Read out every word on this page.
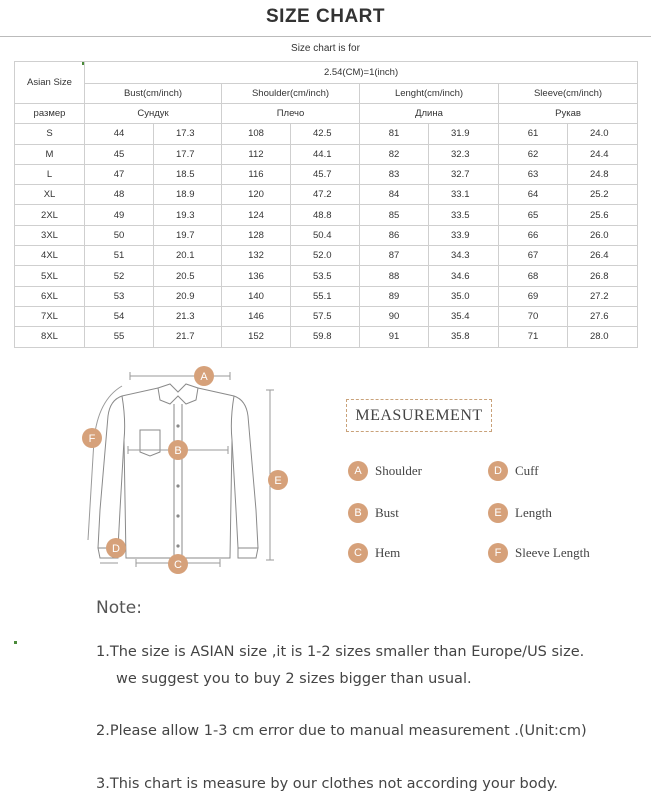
SIZE CHART
Size chart is for
Asian Size	2.54(CM)=1(inch)							
	Bust(cm/inch)		Shoulder(cm/inch)		Lenght(cm/inch)		Sleeve(cm/inch)	
размер	Сундук		Плечо		Длина		Рукав	
S	44	17.3	108	42.5	81	31.9	61	24.0
M	45	17.7	112	44.1	82	32.3	62	24.4
L	47	18.5	116	45.7	83	32.7	63	24.8
XL	48	18.9	120	47.2	84	33.1	64	25.2
2XL	49	19.3	124	48.8	85	33.5	65	25.6
3XL	50	19.7	128	50.4	86	33.9	66	26.0
4XL	51	20.1	132	52.0	87	34.3	67	26.4
5XL	52	20.5	136	53.5	88	34.6	68	26.8
6XL	53	20.9	140	55.1	89	35.0	69	27.2
7XL	54	21.3	146	57.5	90	35.4	70	27.6
8XL	55	21.7	152	59.8	91	35.8	71	28.0
A
B
C
D
E
F
MEASUREMENT
A	Shoulder
B	Bust
C	Hem
D	Cuff
E	Length
F	Sleeve Length
Note:
1.The size is ASIAN size ,it is 1-2 sizes smaller than Europe/US size.
we suggest you to buy 2 sizes bigger than usual.
2.Please allow 1-3 cm error due to manual measurement .(Unit:cm)
3.This chart is measure by our clothes not according your body.
